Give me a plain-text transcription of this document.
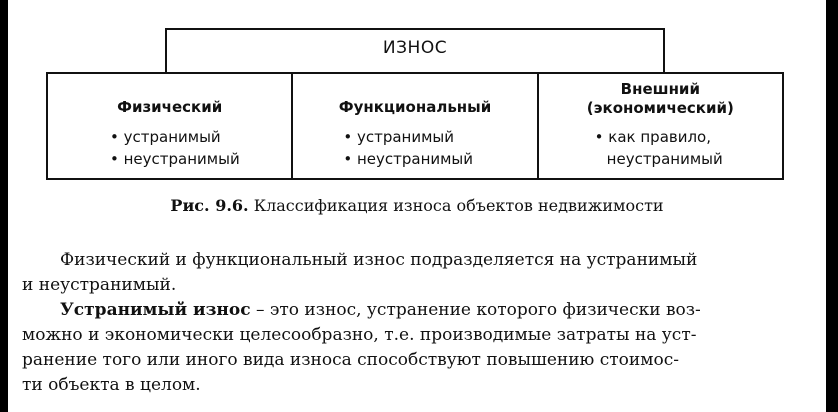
ИЗНОС
Физический
• устранимый
• неустранимый
Функциональный
• устранимый
• неустранимый
Внешний
(экономический)
• как правило,
неустранимый
Рис. 9.6. Классификация износа объектов недвижимости
Физический и функциональный износ подразделяется на устранимый
и неустранимый.
Устранимый износ – это износ, устранение которого физически воз-
можно и экономически целесообразно, т.е. производимые затраты на уст-
ранение того или иного вида износа способствуют повышению стоимос-
ти объекта в целом.
